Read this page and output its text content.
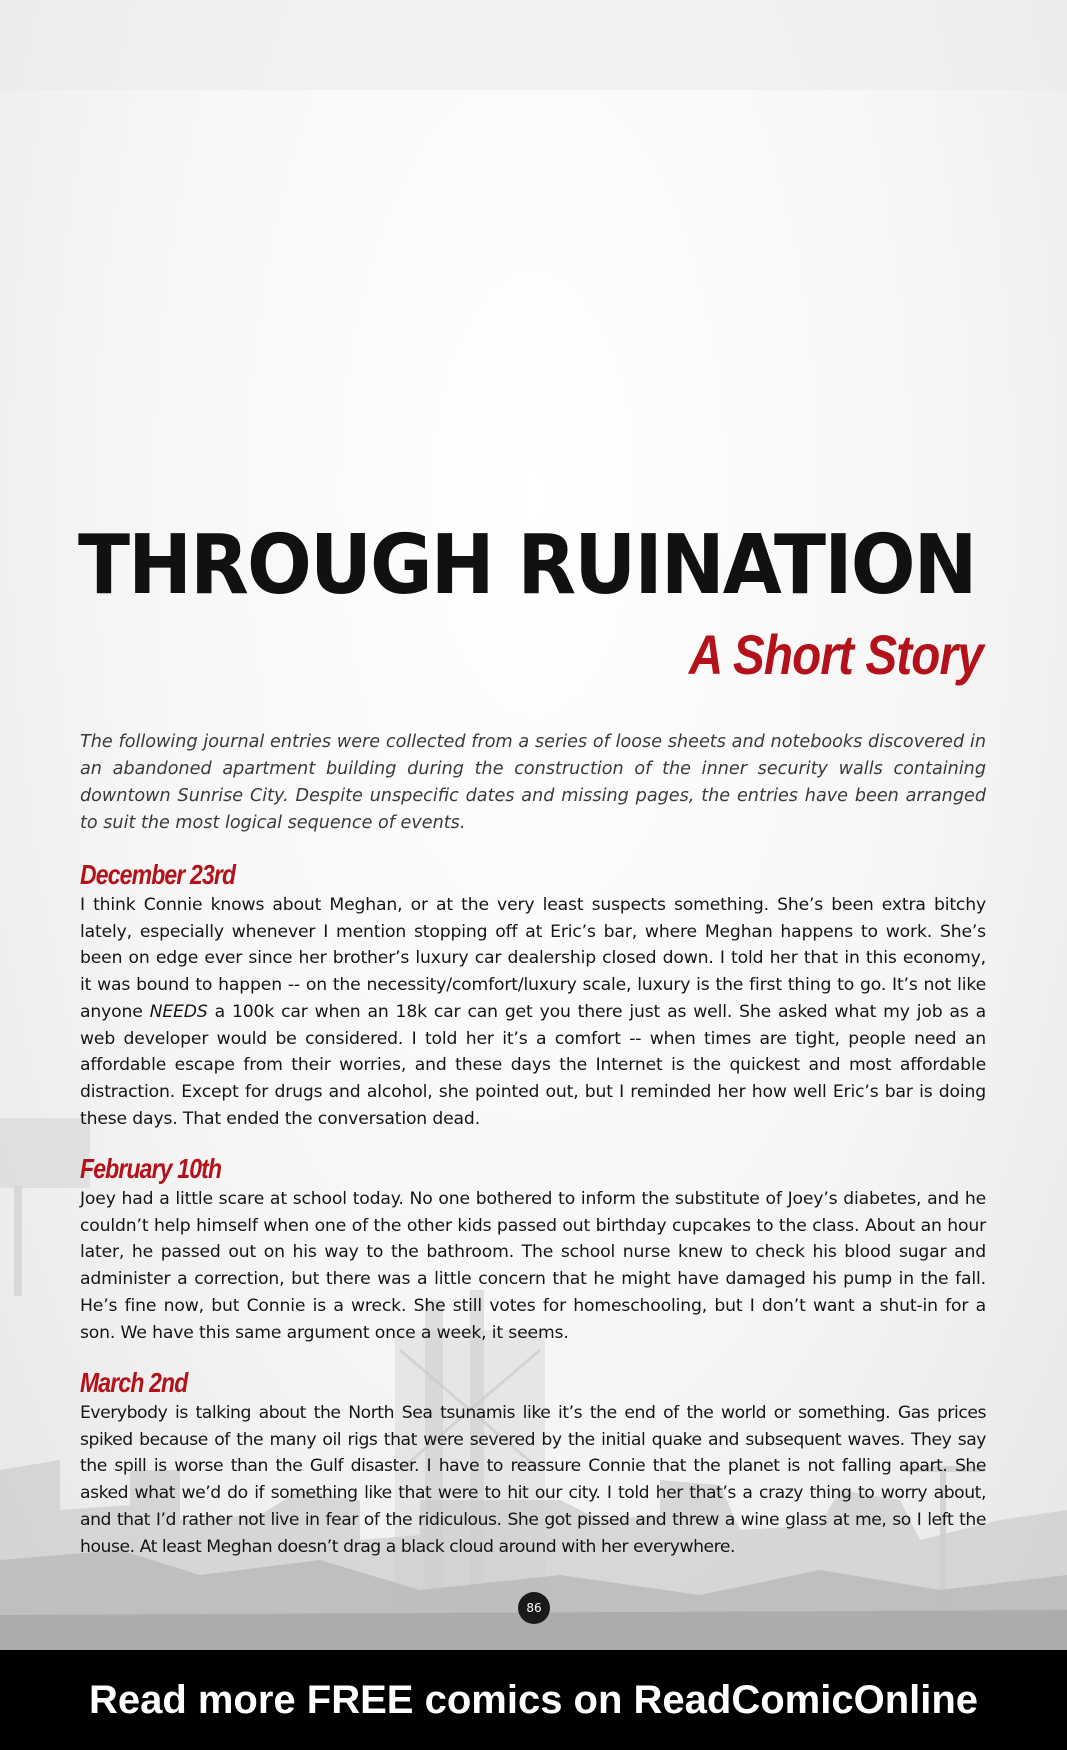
THROUGH RUINATION
A Short Story

The following journal entries were collected from a series of loose sheets and notebooks discovered in an abandoned apartment building during the construction of the inner security walls containing downtown Sunrise City. Despite unspecific dates and missing pages, the entries have been arranged to suit the most logical sequence of events.

December 23rd

I think Connie knows about Meghan, or at the very least suspects something. She’s been extra bitchy lately, especially whenever I mention stopping off at Eric’s bar, where Meghan happens to work. She’s been on edge ever since her brother’s luxury car dealership closed down. I told her that in this economy, it was bound to happen -- on the necessity/comfort/luxury scale, luxury is the first thing to go. It’s not like anyone NEEDS a 100k car when an 18k car can get you there just as well. She asked what my job as a web developer would be considered. I told her it’s a comfort -- when times are tight, people need an affordable escape from their worries, and these days the Internet is the quickest and most affordable distraction. Except for drugs and alcohol, she pointed out, but I reminded her how well Eric’s bar is doing these days. That ended the conversation dead.

February 10th

Joey had a little scare at school today. No one bothered to inform the substitute of Joey’s diabetes, and he couldn’t help himself when one of the other kids passed out birthday cupcakes to the class. About an hour later, he passed out on his way to the bathroom. The school nurse knew to check his blood sugar and administer a correction, but there was a little concern that he might have damaged his pump in the fall. He’s fine now, but Connie is a wreck. She still votes for homeschooling, but I don’t want a shut-in for a son. We have this same argument once a week, it seems.

March 2nd

Everybody is talking about the North Sea tsunamis like it’s the end of the world or something. Gas prices spiked because of the many oil rigs that were severed by the initial quake and subsequent waves. They say the spill is worse than the Gulf disaster. I have to reassure Connie that the planet is not falling apart. She asked what we’d do if something like that were to hit our city. I told her that’s a crazy thing to worry about, and that I’d rather not live in fear of the ridiculous. She got pissed and threw a wine glass at me, so I left the house. At least Meghan doesn’t drag a black cloud around with her everywhere.

86

Read more FREE comics on ReadComicOnline
